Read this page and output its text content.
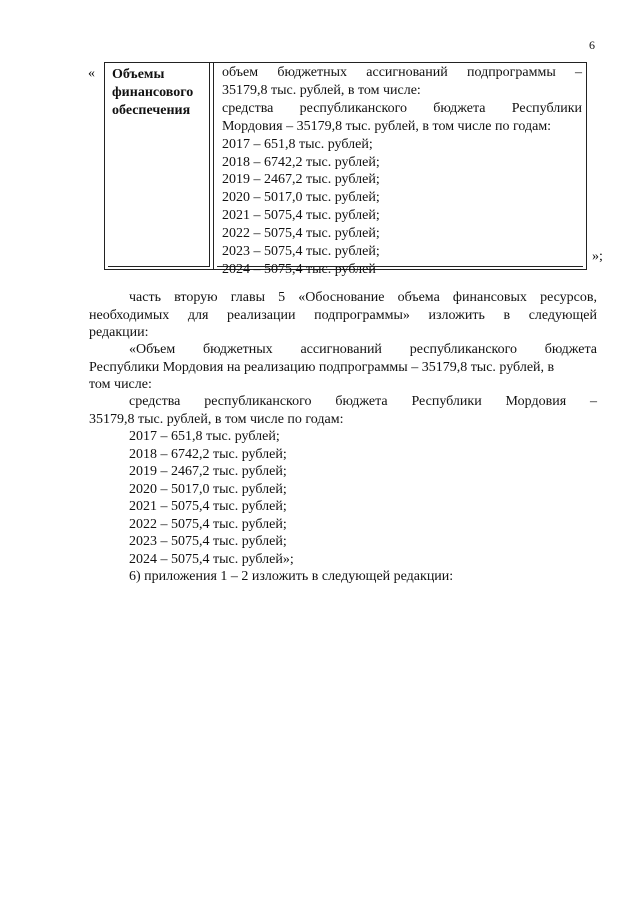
6
«
»;
Объемы
финансового
обеспечения
объем бюджетных ассигнований подпрограммы –
35179,8 тыс. рублей, в том числе:
средства республиканского бюджета Республики
Мордовия – 35179,8 тыс. рублей, в том числе по годам:
2017 – 651,8 тыс. рублей;
2018 – 6742,2 тыс. рублей;
2019 – 2467,2 тыс. рублей;
2020 – 5017,0 тыс. рублей;
2021 – 5075,4 тыс. рублей;
2022 – 5075,4 тыс. рублей;
2023 – 5075,4 тыс. рублей;
2024 – 5075,4 тыс. рублей
часть вторую главы 5 «Обоснование объема финансовых ресурсов,
необходимых для реализации подпрограммы» изложить в следующей
редакции:
«Объем бюджетных ассигнований республиканского бюджета
Республики Мордовия на реализацию подпрограммы – 35179,8 тыс. рублей, в
том числе:
средства республиканского бюджета Республики Мордовия –
35179,8 тыс. рублей, в том числе по годам:
2017 – 651,8 тыс. рублей;
2018 – 6742,2 тыс. рублей;
2019 – 2467,2 тыс. рублей;
2020 – 5017,0 тыс. рублей;
2021 – 5075,4 тыс. рублей;
2022 – 5075,4 тыс. рублей;
2023 – 5075,4 тыс. рублей;
2024 – 5075,4 тыс. рублей»;
6) приложения 1 – 2 изложить в следующей редакции:
